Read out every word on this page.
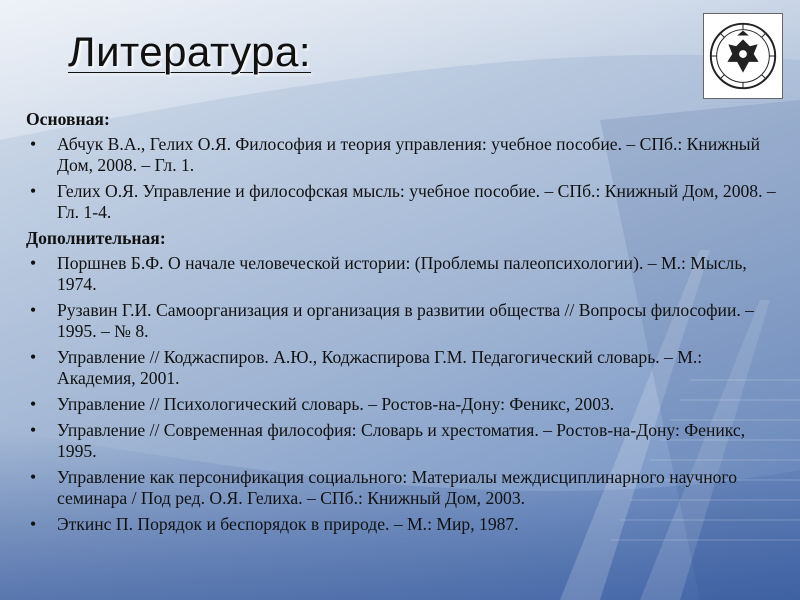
Литература:
Основная:
• Абчук В.А., Гелих О.Я. Философия и теория управления: учебное пособие. – СПб.: Книжный Дом, 2008. – Гл. 1.
• Гелих О.Я. Управление и философская мысль: учебное пособие. – СПб.: Книжный Дом, 2008. – Гл. 1-4.
Дополнительная:
• Поршнев Б.Ф. О начале человеческой истории: (Проблемы палеопсихологии). – М.: Мысль, 1974.
• Рузавин Г.И. Самоорганизация и организация в развитии общества // Вопросы философии. – 1995. – № 8.
• Управление // Коджаспиров. А.Ю., Коджаспирова Г.М. Педагогический словарь. – М.: Академия, 2001.
• Управление // Психологический словарь. – Ростов-на-Дону: Феникс, 2003.
• Управление // Современная философия: Словарь и хрестоматия. – Ростов-на-Дону: Феникс, 1995.
• Управление как персонификация социального: Материалы междисциплинарного научного семинара / Под ред. О.Я. Гелиха. – СПб.: Книжный Дом, 2003.
• Эткинс П. Порядок и беспорядок в природе. – М.: Мир, 1987.
